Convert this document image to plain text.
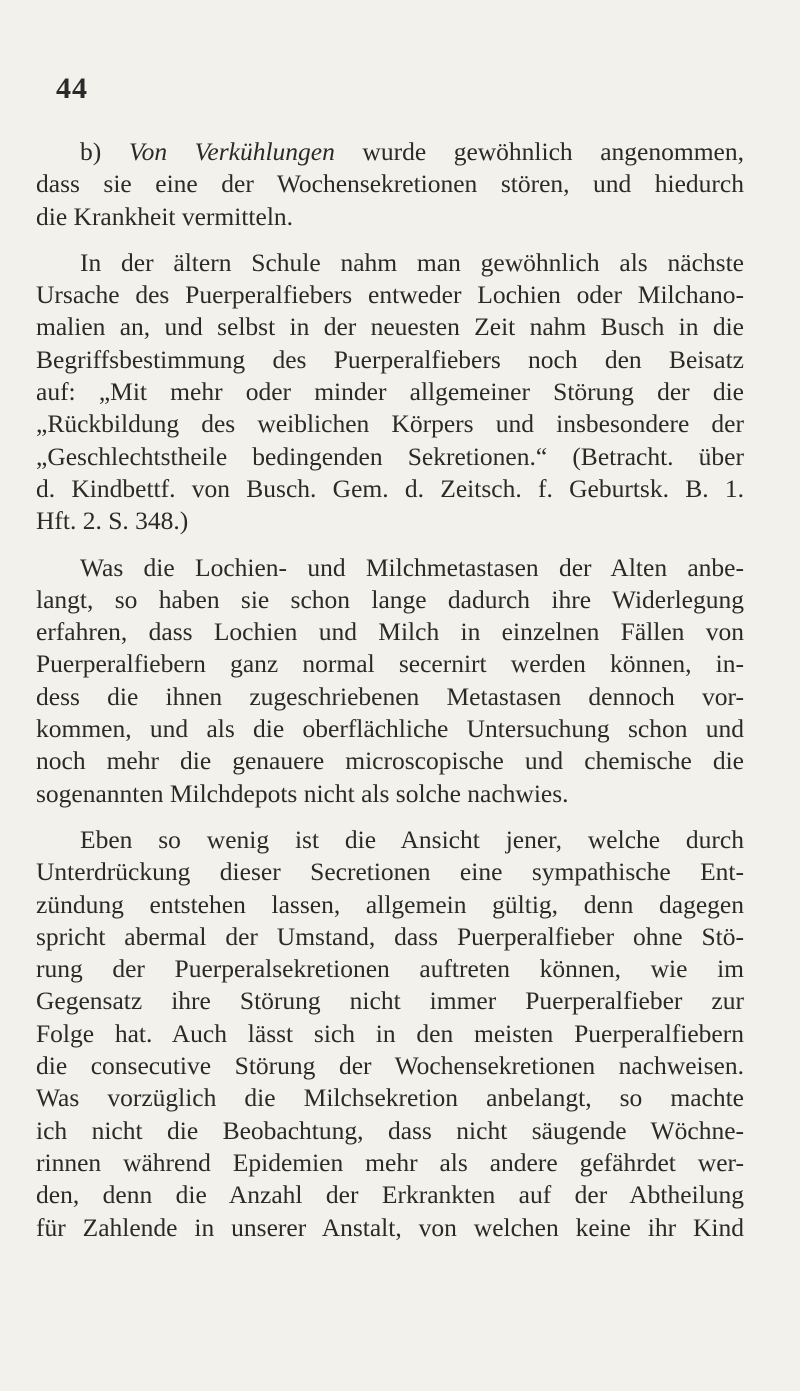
44
b) Von Verkühlungen wurde gewöhnlich angenommen,
dass sie eine der Wochensekretionen stören, und hiedurch
die Krankheit vermitteln.
In der ältern Schule nahm man gewöhnlich als nächste
Ursache des Puerperalfiebers entweder Lochien oder Milchano-
malien an, und selbst in der neuesten Zeit nahm Busch in die
Begriffsbestimmung des Puerperalfiebers noch den Beisatz
auf: „Mit mehr oder minder allgemeiner Störung der die
„Rückbildung des weiblichen Körpers und insbesondere der
„Geschlechtstheile bedingenden Sekretionen.“ (Betracht. über
d. Kindbettf. von Busch. Gem. d. Zeitsch. f. Geburtsk. B. 1.
Hft. 2. S. 348.)
Was die Lochien- und Milchmetastasen der Alten anbe-
langt, so haben sie schon lange dadurch ihre Widerlegung
erfahren, dass Lochien und Milch in einzelnen Fällen von
Puerperalfiebern ganz normal secernirt werden können, in-
dess die ihnen zugeschriebenen Metastasen dennoch vor-
kommen, und als die oberflächliche Untersuchung schon und
noch mehr die genauere microscopische und chemische die
sogenannten Milchdepots nicht als solche nachwies.
Eben so wenig ist die Ansicht jener, welche durch
Unterdrückung dieser Secretionen eine sympathische Ent-
zündung entstehen lassen, allgemein gültig, denn dagegen
spricht abermal der Umstand, dass Puerperalfieber ohne Stö-
rung der Puerperalsekretionen auftreten können, wie im
Gegensatz ihre Störung nicht immer Puerperalfieber zur
Folge hat. Auch lässt sich in den meisten Puerperalfiebern
die consecutive Störung der Wochensekretionen nachweisen.
Was vorzüglich die Milchsekretion anbelangt, so machte
ich nicht die Beobachtung, dass nicht säugende Wöchne-
rinnen während Epidemien mehr als andere gefährdet wer-
den, denn die Anzahl der Erkrankten auf der Abtheilung
für Zahlende in unserer Anstalt, von welchen keine ihr Kind
